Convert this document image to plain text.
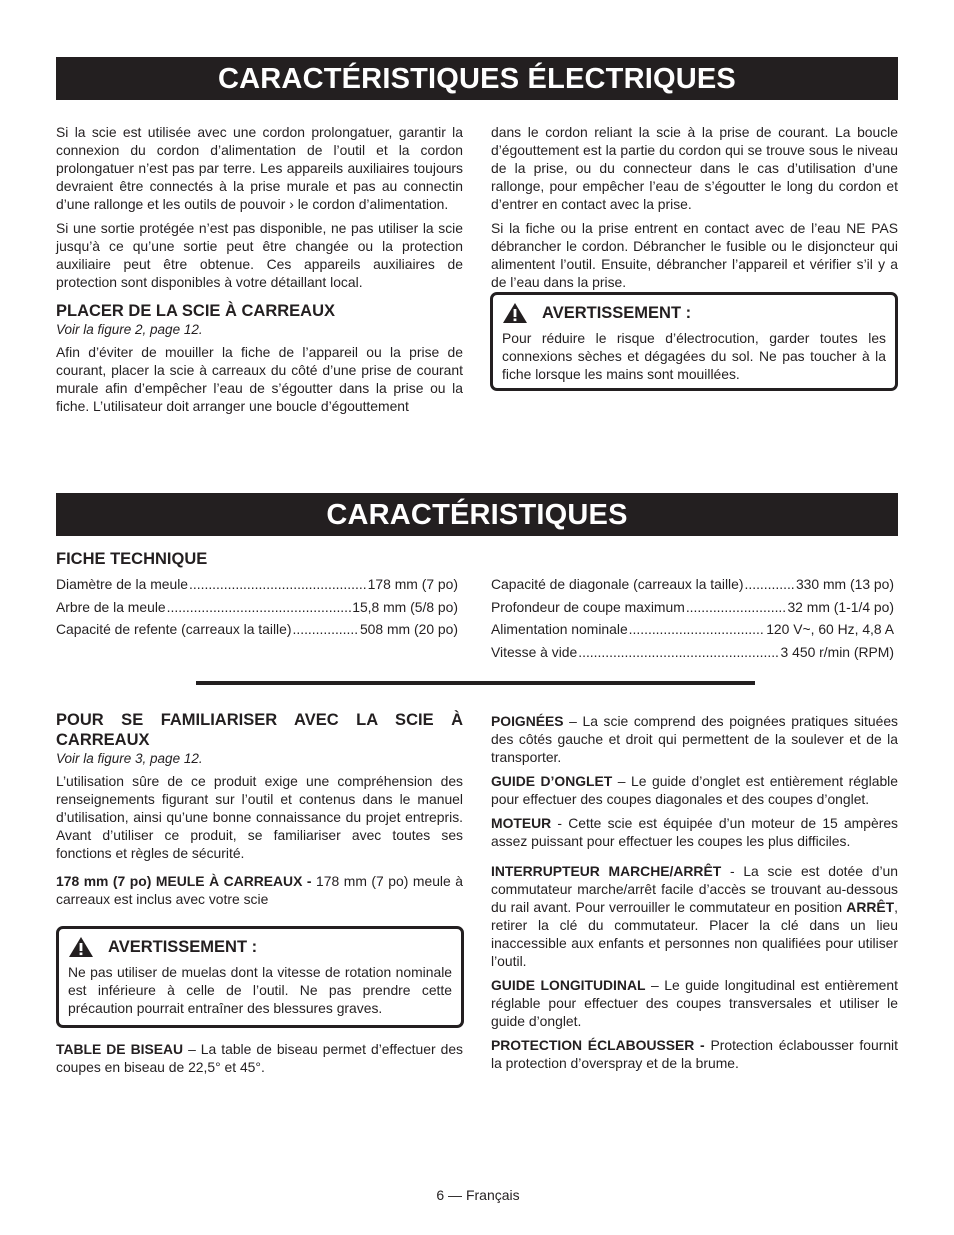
CARACTÉRISTIQUES ÉLECTRIQUES

Si la scie est utilisée avec une cordon prolongatuer, garantir la connexion du cordon d’alimentation de l’outil et la cordon prolongatuer n’est pas par terre. Les appareils auxiliaires toujours devraient être connectés à la prise murale et pas au connectin d’une rallonge et les outils de pouvoir › le cordon d’alimentation.

Si une sortie protégée n’est pas disponible, ne pas utiliser la scie jusqu’à ce qu’une sortie peut être changée ou la protection auxiliaire peut être obtenue. Ces appareils auxiliaires de protection sont disponibles à votre détaillant local.

PLACER DE LA SCIE À CARREAUX
Voir la figure 2, page 12.

Afin d’éviter de mouiller la fiche de l’appareil ou la prise de courant, placer la scie à carreaux du côté d’une prise de courant murale afin d’empêcher l’eau de s’égoutter dans la prise ou la fiche. L’utilisateur doit arranger une boucle d’égouttement

dans le cordon reliant la scie à la prise de courant. La boucle d’égouttement est la partie du cordon qui se trouve sous le niveau de la prise, ou du connecteur dans le cas d’utilisation d’une rallonge, pour empêcher l’eau de s’égoutter le long du cordon et d’entrer en contact avec la prise.

Si la fiche ou la prise entrent en contact avec de l’eau NE PAS débrancher le cordon. Débrancher le fusible ou le disjoncteur qui alimentent l’outil. Ensuite, débrancher l’appareil et vérifier s’il y a de l’eau dans la prise.

AVERTISSEMENT :

Pour réduire le risque d’électrocution, garder toutes les connexions sèches et dégagées du sol. Ne pas toucher à la fiche lorsque les mains sont mouillées.

CARACTÉRISTIQUES
FICHE TECHNIQUE
Diamètre de la meule .....	178 mm (7 po)
Arbre de la meule .....	15,8 mm (5/8 po)
Capacité de refente (carreaux la taille) .....	508 mm (20 po)
Capacité de diagonale (carreaux la taille) .....	330 mm (13 po)
Profondeur de coupe maximum .....	32 mm (1-1/4 po)
Alimentation nominale .....	120 V~, 60 Hz, 4,8 A
Vitesse à vide .....	3 450 r/min (RPM)
POUR SE FAMILIARISER AVEC LA SCIE À CARREAUX
Voir la figure 3, page 12.

L’utilisation sûre de ce produit exige une compréhension des renseignements figurant sur l’outil et contenus dans le manuel d’utilisation, ainsi qu’une bonne connaissance du projet entrepris. Avant d’utiliser ce produit, se familiariser avec toutes ses fonctions et règles de sécurité.

178 mm (7 po) MEULE À CARREAUX - 178 mm (7 po) meule à carreaux est inclus avec votre scie

AVERTISSEMENT :

Ne pas utiliser de muelas dont la vitesse de rotation nominale est inférieure à celle de l’outil. Ne pas prendre cette précaution pourrait entraîner des blessures graves.

TABLE DE BISEAU – La table de biseau permet d’effectuer des coupes en biseau de 22,5° et 45°.

POIGNÉES – La scie comprend des poignées pratiques situées des côtés gauche et droit qui permettent de la soulever et de la transporter.

GUIDE D’ONGLET – Le guide d’onglet est entièrement réglable pour effectuer des coupes diagonales et des coupes d’onglet.

MOTEUR - Cette scie est équipée d’un moteur de 15 ampères assez puissant pour effectuer les coupes les plus difficiles.

INTERRUPTEUR MARCHE/ARRÊT - La scie est dotée d’un commutateur marche/arrêt facile d’accès se trouvant au-dessous du rail avant. Pour verrouiller le commutateur en position ARRÊT, retirer la clé du commutateur. Placer la clé dans un lieu inaccessible aux enfants et personnes non qualifiées pour utiliser l’outil.

GUIDE LONGITUDINAL – Le guide longitudinal est entièrement réglable pour effectuer des coupes transversales et utiliser le guide d’onglet.

PROTECTION ÉCLABOUSSER - Protection éclabousser fournit la protection d’overspray et de la brume.

6 — Français
